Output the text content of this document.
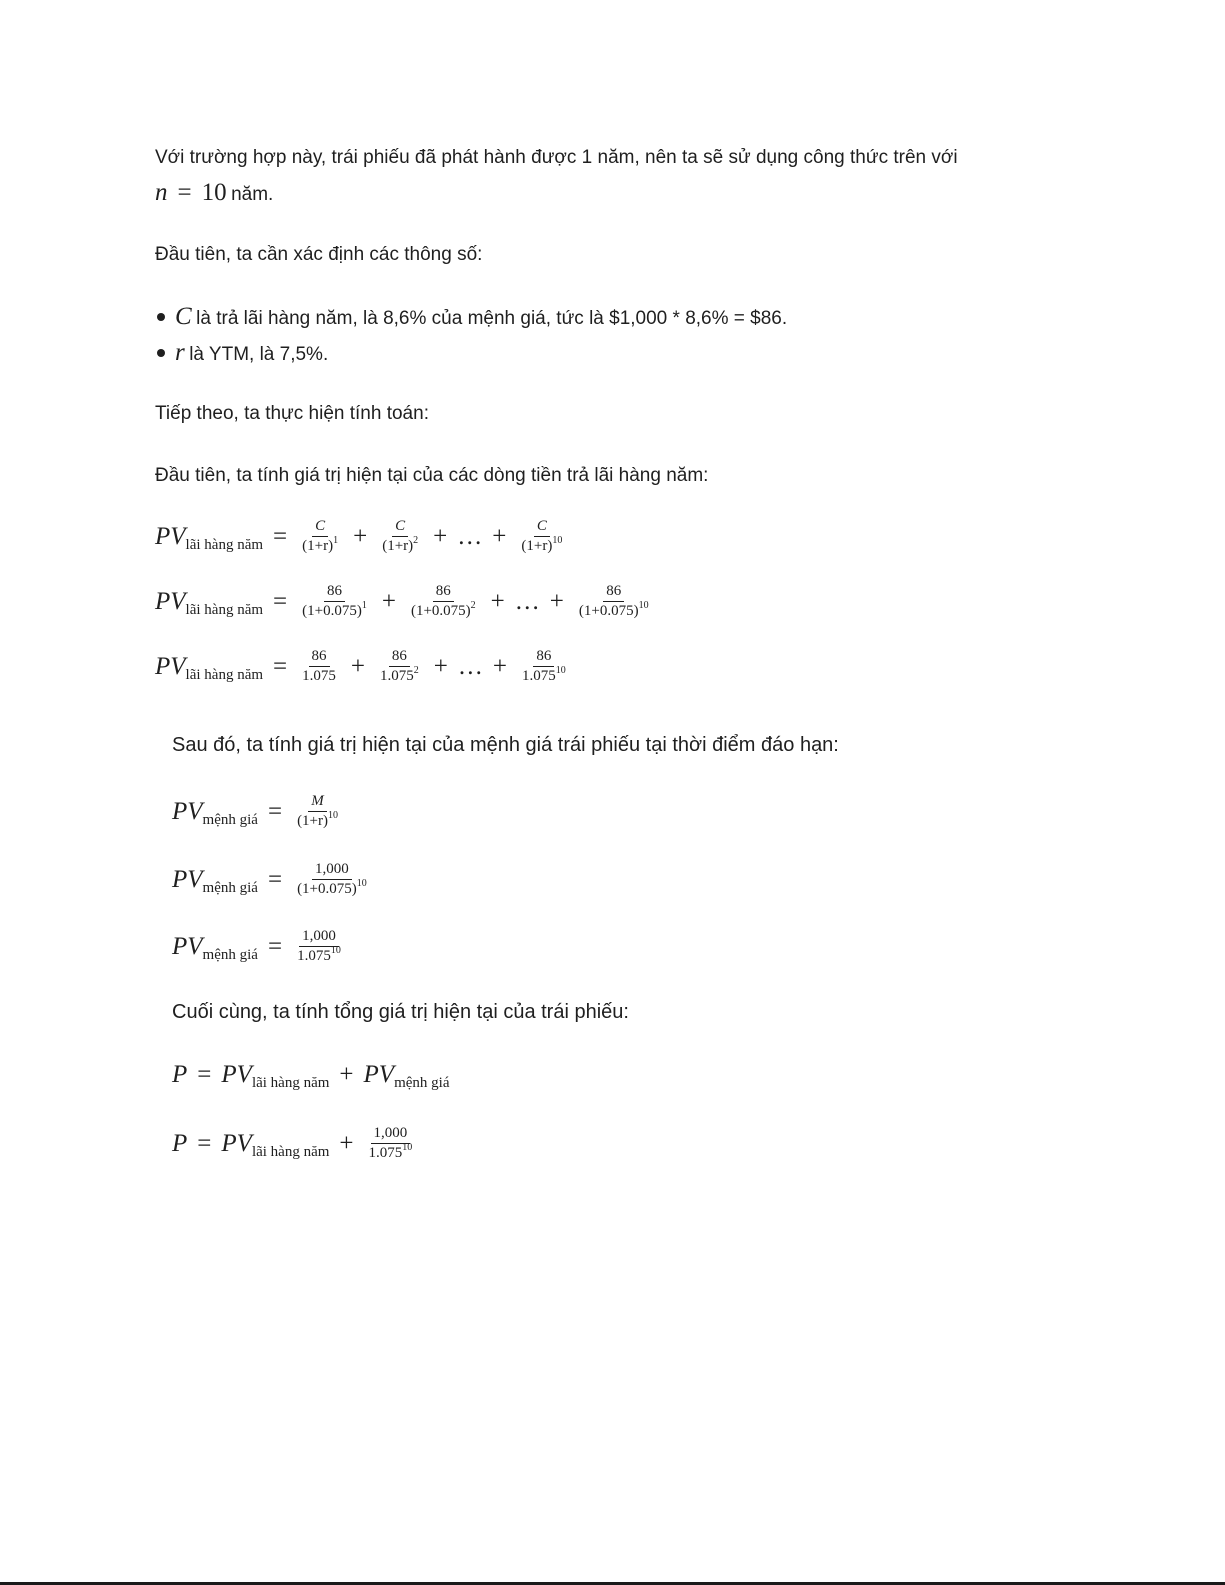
Với trường hợp này, trái phiếu đã phát hành được 1 năm, nên ta sẽ sử dụng công thức trên với
n = 10 năm.
Đầu tiên, ta cần xác định các thông số:
C là trả lãi hàng năm, là 8,6% của mệnh giá, tức là $1,000 * 8,6% = $86.
r là YTM, là 7,5%.
Tiếp theo, ta thực hiện tính toán:
Đầu tiên, ta tính giá trị hiện tại của các dòng tiền trả lãi hàng năm:
PV lãi hàng năm = $\frac{C}{(1+r)^1} + \frac{C}{(1+r)^2}$ + … + $\frac{C}{(1+r)^{10}}$
PV lãi hàng năm = $\frac{86}{(1+0.075)^1} + \frac{86}{(1+0.075)^2}$ + … + $\frac{86}{(1+0.075)^{10}}$
PV lãi hàng năm = $\frac{86}{1.075} + \frac{86}{1.075^2}$ + … + $\frac{86}{1.075^{10}}$
Sau đó, ta tính giá trị hiện tại của mệnh giá trái phiếu tại thời điểm đáo hạn:
PV mệnh giá = $\frac{M}{(1+r)^{10}}$
PV mệnh giá = $\frac{1,000}{(1+0.075)^{10}}$
PV mệnh giá = $\frac{1,000}{1.075^{10}}$
Cuối cùng, ta tính tổng giá trị hiện tại của trái phiếu:
P = PV lãi hàng năm + PV mệnh giá
P = PV lãi hàng năm + $\frac{1,000}{1.075^{10}}$
